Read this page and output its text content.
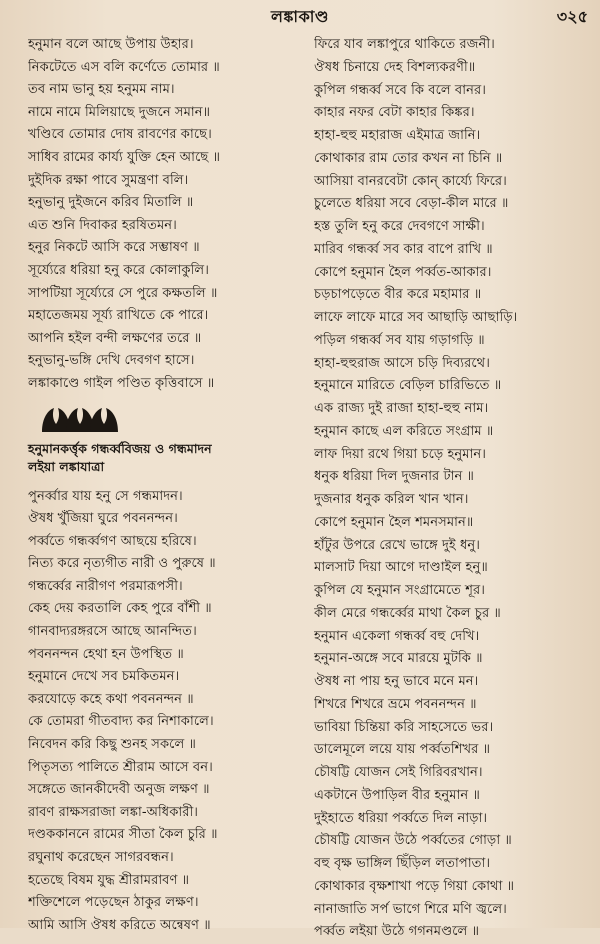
লঙ্কাকাণ্ড	৩২৫
হনুমান বলে আছে উপায় উহার।
নিকটেতে এস বলি কর্ণেতে তোমার ॥
তব নাম ভানু হয় হনুমম নাম।
নামে নামে মিলিয়াছে দুজনে সমান॥
খণ্ডিবে তোমার দোষ রাবণের কাছে।
সাধিব রামের কার্য্য যুক্তি হেন আছে ॥
দুইদিক রক্ষা পাবে সুমন্ত্রণা বলি।
হনুভানু দুইজনে করিব মিতালি ॥
এত শুনি দিবাকর হরষিতমন।
হনুর নিকটে আসি করে সম্ভাষণ ॥
সূর্য্যেরে ধরিয়া হনু করে কোলাকুলি।
সাপটিয়া সূর্য্যেরে সে পুরে কক্ষতলি ॥
মহাতেজময় সূর্য্য রাখিতে কে পারে।
আপনি হইল বন্দী লক্ষণের তরে ॥
হনুভানু-ভঙ্গি দেখি দেবগণ হাসে।
লঙ্কাকাণ্ডে গাইল পণ্ডিত কৃত্তিবাসে ॥
হনুমানকর্ত্তৃক গন্ধর্ব্ববিজয় ও গন্ধমাদন
লইয়া লঙ্কাযাত্রা
পুনর্ব্বার যায় হনু সে গন্ধমাদন।
ঔষধ খুঁজিয়া ঘুরে পবননন্দন।
পর্ব্বতে গন্ধর্ব্বগণ আছয়ে হরিষে।
নিত্য করে নৃত্যগীত নারী ও পুরুষে ॥
গন্ধর্ব্বের নারীগণ পরমারূপসী।
কেহ দেয় করতালি কেহ পুরে বাঁশী ॥
গানবাদ্যরঙ্গরসে আছে আনন্দিত।
পবননন্দন হেথা হন উপস্থিত ॥
হনুমানে দেখে সব চমকিতমন।
করযোড়ে কহে কথা পবননন্দন ॥
কে তোমরা গীতবাদ্য কর নিশাকালে।
নিবেদন করি কিছু শুনহ সকলে ॥
পিতৃসত্য পালিতে শ্রীরাম আসে বন।
সঙ্গেতে জানকীদেবী অনুজ লক্ষণ ॥
রাবণ রাক্ষসরাজা লঙ্কা-অধিকারী।
দণ্ডককাননে রামের সীতা কৈল চুরি ॥
রঘুনাথ করেছেন সাগরবন্ধন।
হতেছে বিষম যুদ্ধ শ্রীরামরাবণ ॥
শক্তিশেলে পড়েছেন ঠাকুর লক্ষণ।
আমি আসি ঔষধ করিতে অন্বেষণ ॥
ফিরে যাব লঙ্কাপুরে থাকিতে রজনী।
ঔষধ চিনায়ে দেহ বিশল্যকরণী॥
কুপিল গন্ধর্ব্ব সবে কি বলে বানর।
কাহার নফর বেটা কাহার কিঙ্কর।
হাহা-হুহু মহারাজ এইমাত্র জানি।
কোথাকার রাম তোর কখন না চিনি ॥
আসিয়া বানরবেটা কোন্ কার্য্যে ফিরে।
চুলেতে ধরিয়া সবে বেড়া-কীল মারে ॥
হস্ত তুলি হনু করে দেবগণে সাক্ষী।
মারিব গন্ধর্ব্ব সব কার বাপে রাখি ॥
কোপে হনুমান হৈল পর্ব্বত-আকার।
চড়চাপড়েতে বীর করে মহামার ॥
লাফে লাফে মারে সব আছাড়ি আছাড়ি।
পড়িল গন্ধর্ব্ব সব যায় গড়াগড়ি ॥
হাহা-হুহুরাজ আসে চড়ি দিব্যরথে।
হনুমানে মারিতে বেড়িল চারিভিতে ॥
এক রাজ্য দুই রাজা হাহা-হুহু নাম।
হনুমান কাছে এল করিতে সংগ্রাম ॥
লাফ দিয়া রথে গিয়া চড়ে হনুমান।
ধনুক ধরিয়া দিল দুজনার টান ॥
দুজনার ধনুক করিল খান খান।
কোপে হনুমান হৈল শমনসমান॥
হাঁটুর উপরে রেখে ভাঙ্গে দুই ধনু।
মালসাট দিয়া আগে দাণ্ডাইল হনু॥
কুপিল যে হনুমান সংগ্রামেতে শূর।
কীল মেরে গন্ধর্ব্বের মাথা কৈল চুর ॥
হনুমান একেলা গন্ধর্ব্ব বহু দেখি।
হনুমান-অঙ্গে সবে মারয়ে মুটকি ॥
ঔষধ না পায় হনু ভাবে মনে মন।
শিখরে শিখরে ভ্রমে পবননন্দন ॥
ভাবিয়া চিন্তিয়া করি সাহসেতে ভর।
ডালেমূলে লয়ে যায় পর্ব্বতশিখর ॥
চৌষট্টি যোজন সেই গিরিবরখান।
একটানে উপাড়িল বীর হনুমান ॥
দুইহাতে ধরিয়া পর্ব্বতে দিল নাড়া।
চৌষট্টি যোজন উঠে পর্ব্বতের গোড়া ॥
বহু বৃক্ষ ভাঙ্গিল ছিঁড়িল লতাপাতা।
কোথাকার বৃক্ষশাখা পড়ে গিয়া কোথা ॥
নানাজাতি সর্প ভাগে শিরে মণি জ্বলে।
পর্ব্বত লইয়া উঠে গগনমণ্ডলে ॥
